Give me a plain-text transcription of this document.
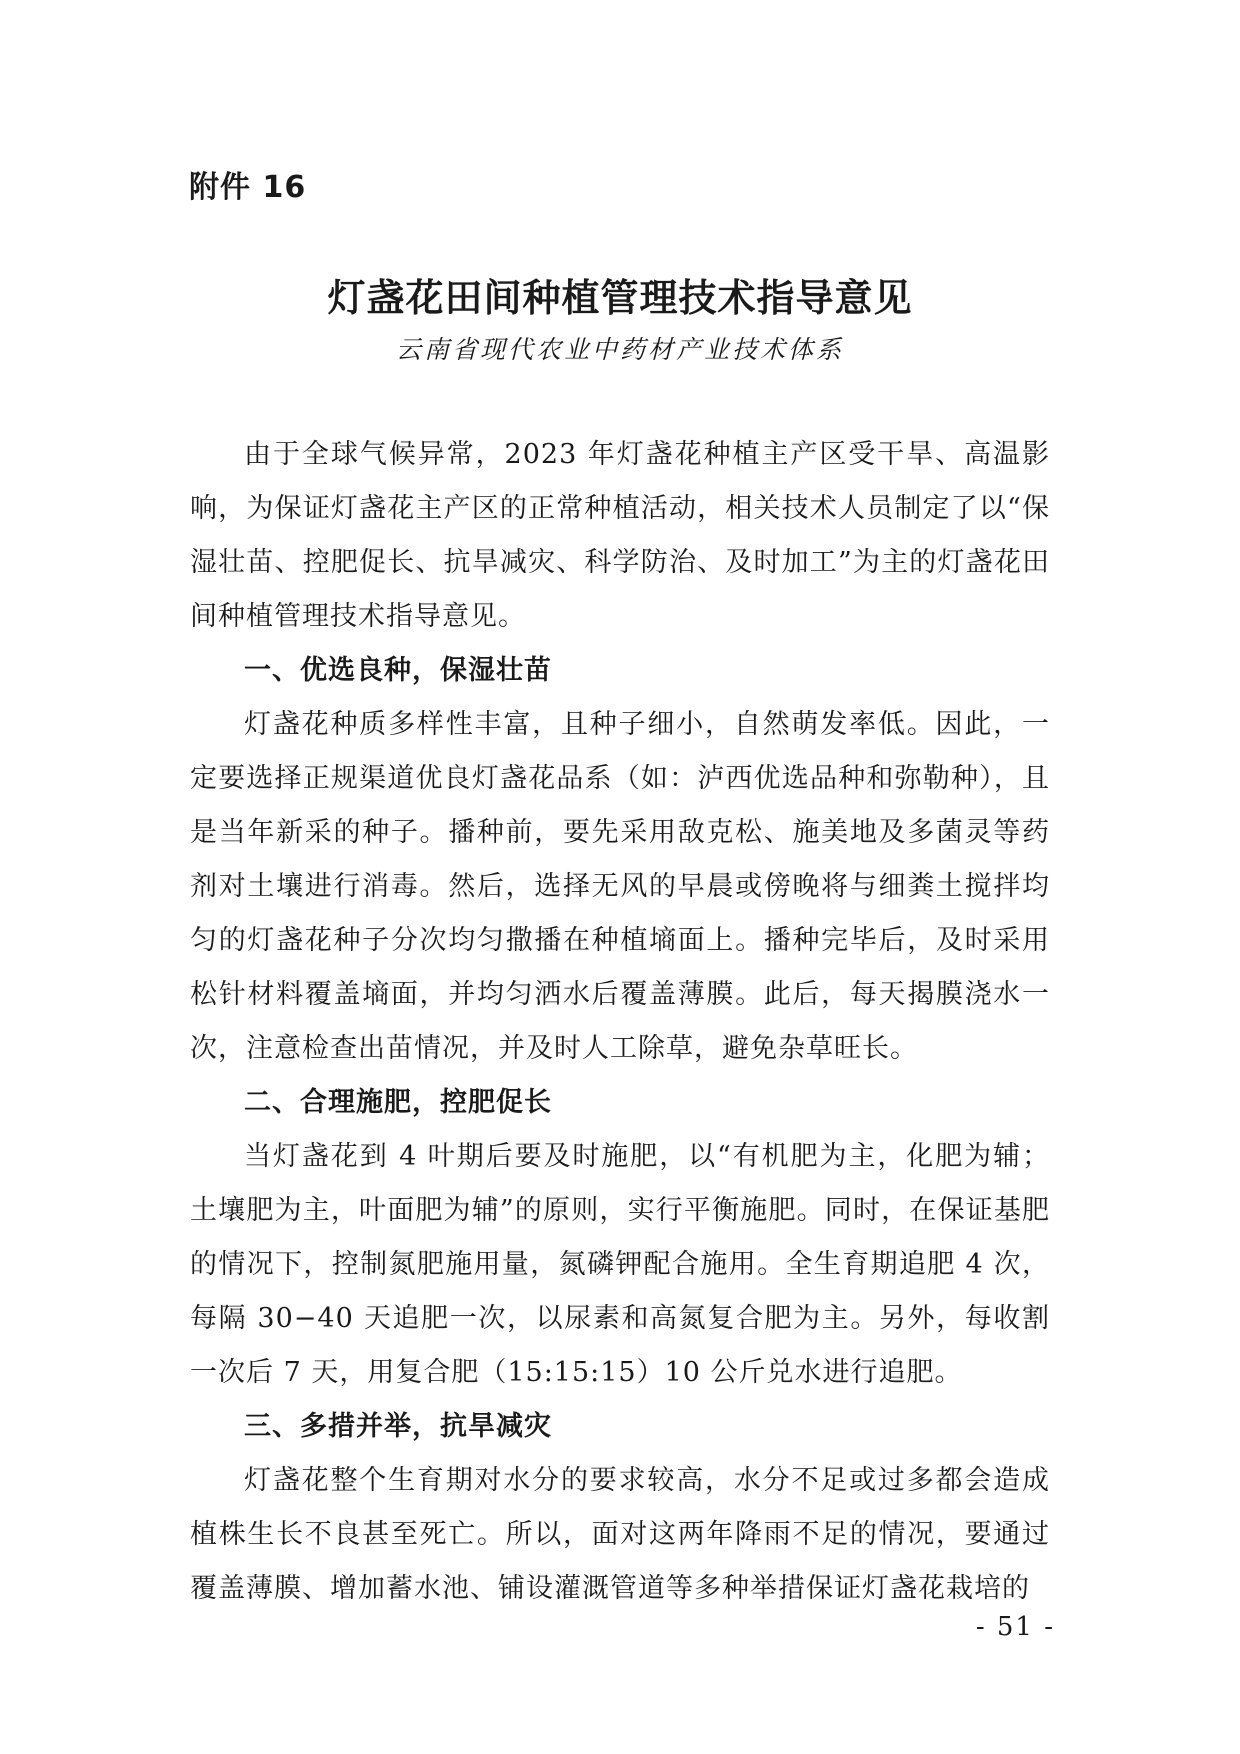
附件 16
灯盏花田间种植管理技术指导意见
云南省现代农业中药材产业技术体系

由于全球气候异常，2023 年灯盏花种植主产区受干旱、高温影响，为保证灯盏花主产区的正常种植活动，相关技术人员制定了以“保湿壮苗、控肥促长、抗旱减灾、科学防治、及时加工”为主的灯盏花田间种植管理技术指导意见。

一、优选良种，保湿壮苗

灯盏花种质多样性丰富，且种子细小，自然萌发率低。因此，一定要选择正规渠道优良灯盏花品系（如：泸西优选品种和弥勒种），且是当年新采的种子。播种前，要先采用敌克松、施美地及多菌灵等药剂对土壤进行消毒。然后，选择无风的早晨或傍晚将与细粪土搅拌均匀的灯盏花种子分次均匀撒播在种植墒面上。播种完毕后，及时采用松针材料覆盖墒面，并均匀洒水后覆盖薄膜。此后，每天揭膜浇水一次，注意检查出苗情况，并及时人工除草，避免杂草旺长。

二、合理施肥，控肥促长

当灯盏花到 4 叶期后要及时施肥，以“有机肥为主，化肥为辅；土壤肥为主，叶面肥为辅”的原则，实行平衡施肥。同时，在保证基肥的情况下，控制氮肥施用量，氮磷钾配合施用。全生育期追肥 4 次，每隔 30−40 天追肥一次，以尿素和高氮复合肥为主。另外，每收割一次后 7 天，用复合肥（15:15:15）10 公斤兑水进行追肥。

三、多措并举，抗旱减灾

灯盏花整个生育期对水分的要求较高，水分不足或过多都会造成植株生长不良甚至死亡。所以，面对这两年降雨不足的情况，要通过覆盖薄膜、增加蓄水池、铺设灌溉管道等多种举措保证灯盏花栽培的

- 51 -
